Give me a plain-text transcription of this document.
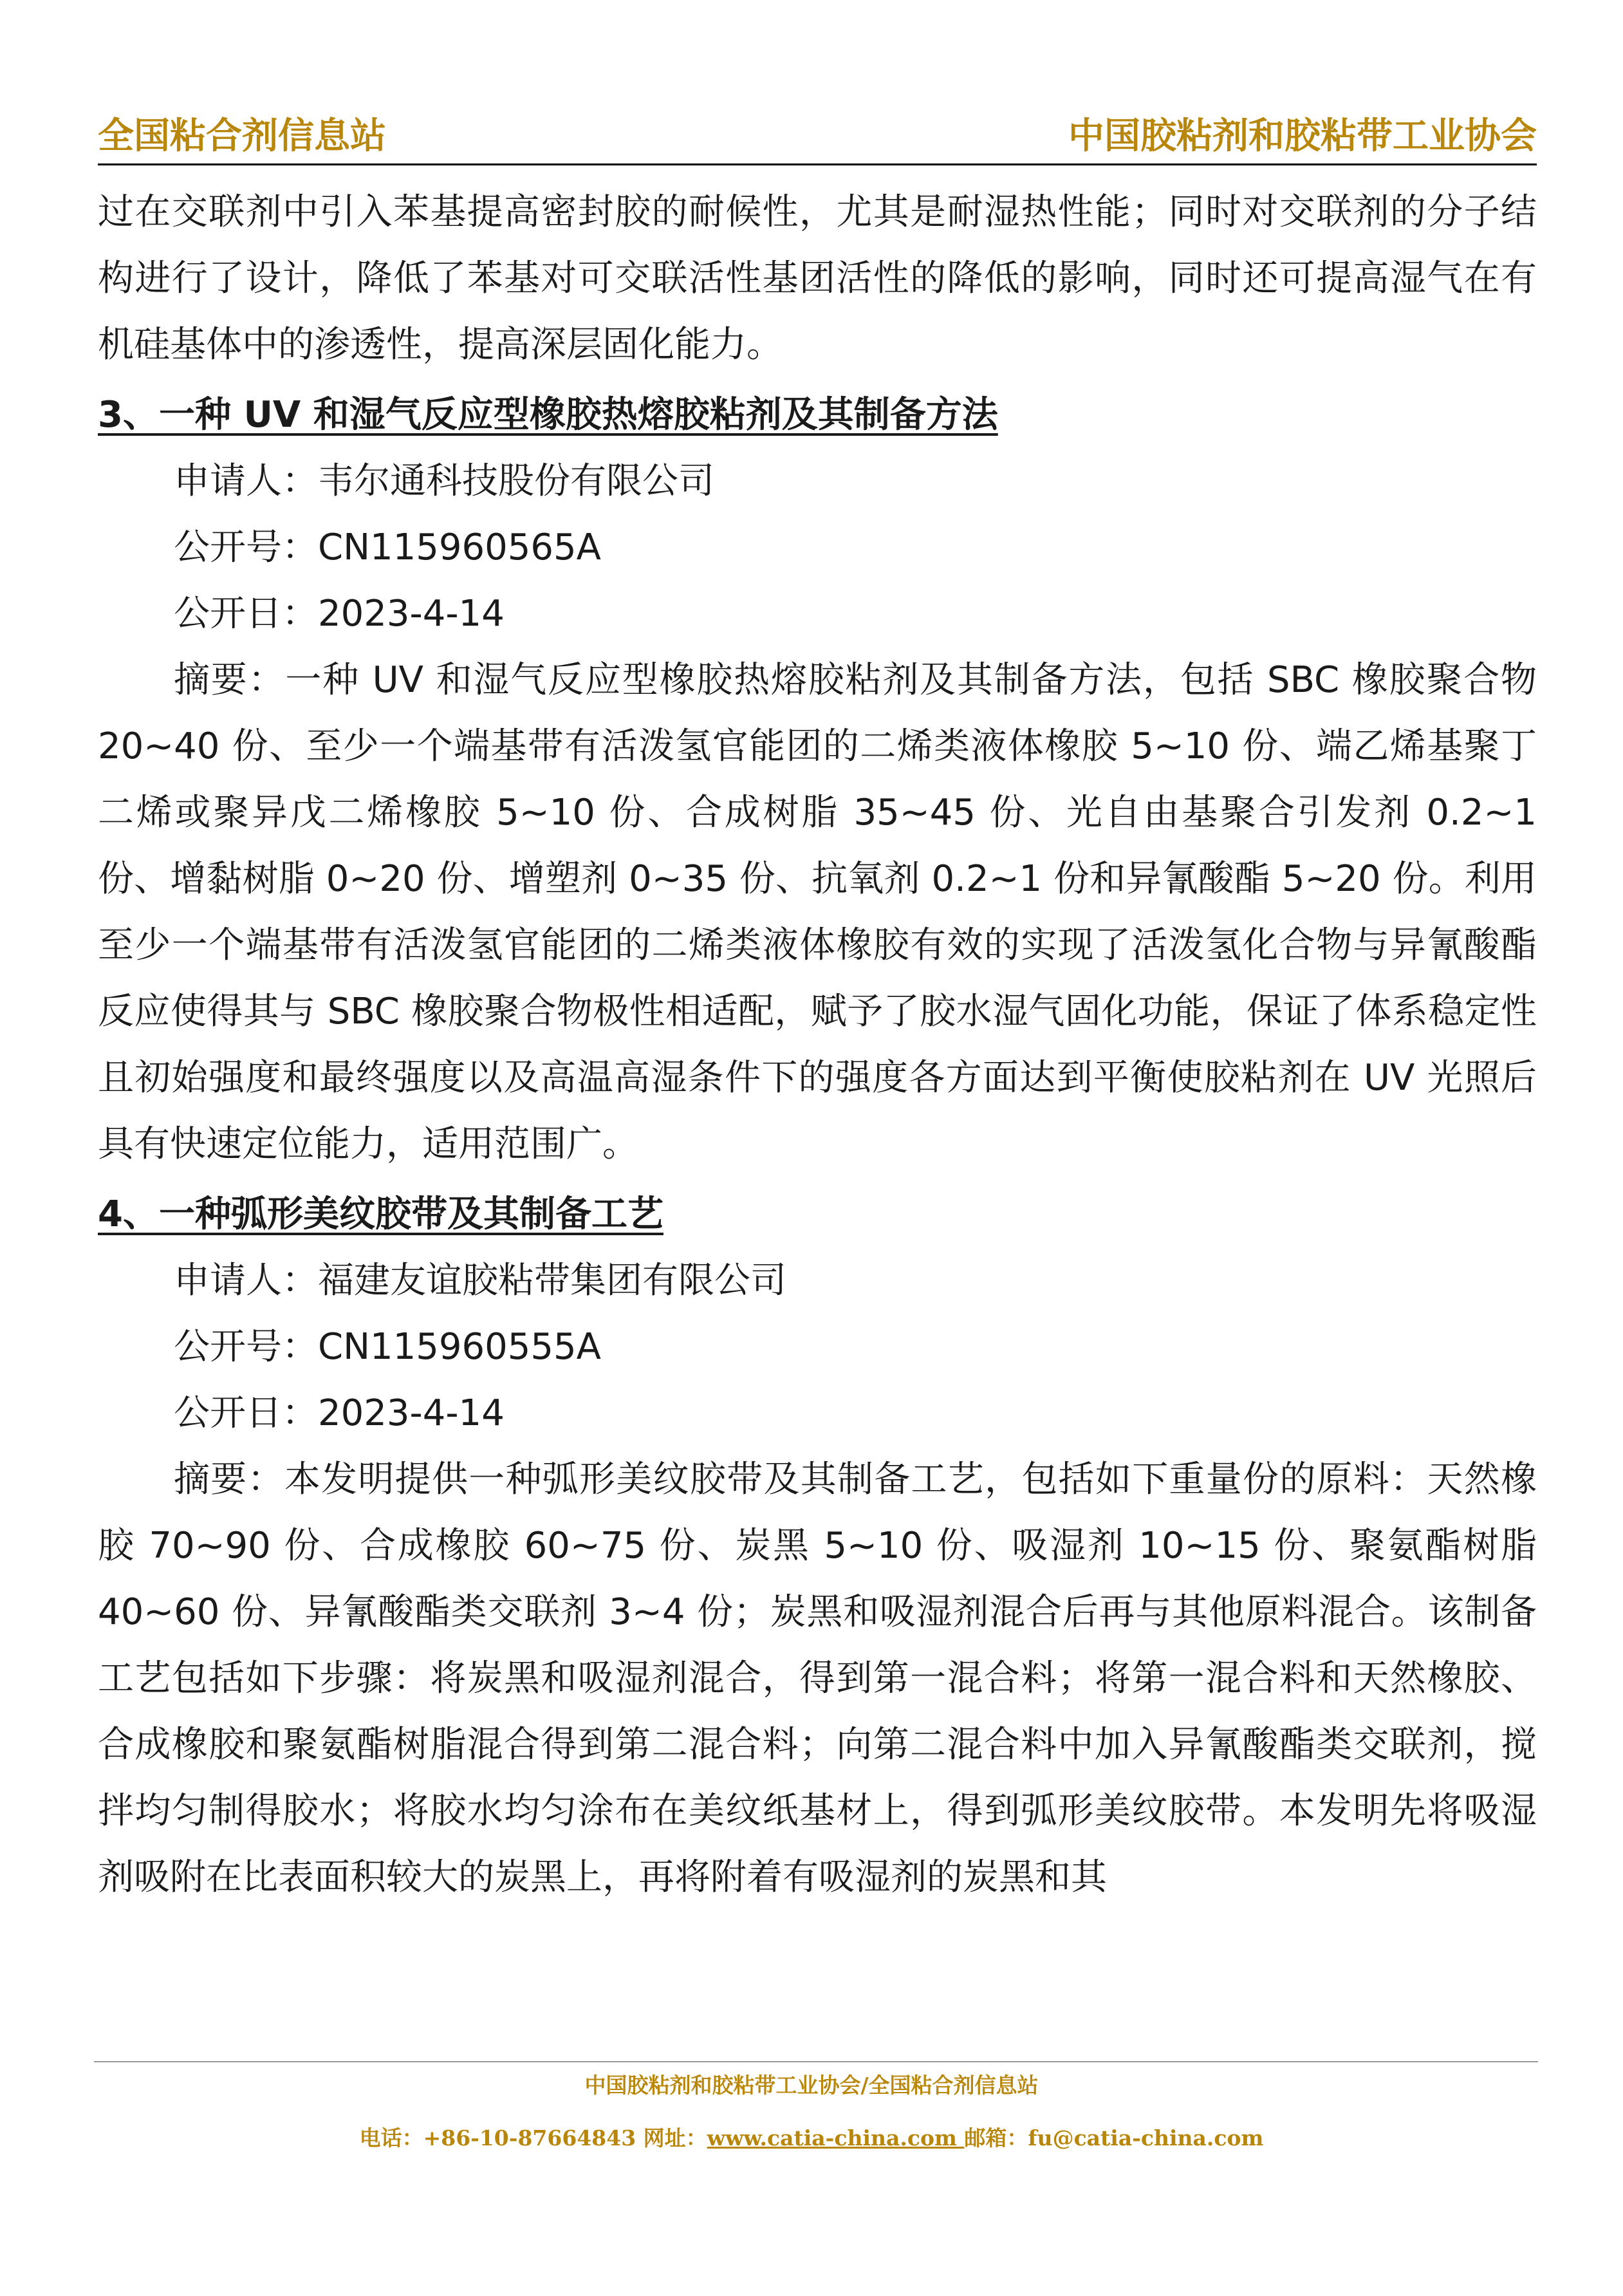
全国粘合剂信息站	中国胶粘剂和胶粘带工业协会

过在交联剂中引入苯基提高密封胶的耐候性，尤其是耐湿热性能；同时对交联剂的分子结构进行了设计，降低了苯基对可交联活性基团活性的降低的影响，同时还可提高湿气在有机硅基体中的渗透性，提高深层固化能力。

3、一种 UV 和湿气反应型橡胶热熔胶粘剂及其制备方法

申请人：韦尔通科技股份有限公司

公开号：CN115960565A

公开日：2023-4-14

摘要：一种 UV 和湿气反应型橡胶热熔胶粘剂及其制备方法，包括 SBC 橡胶聚合物 20~40 份、至少一个端基带有活泼氢官能团的二烯类液体橡胶 5~10 份、端乙烯基聚丁二烯或聚异戊二烯橡胶 5~10 份、合成树脂 35~45 份、光自由基聚合引发剂 0.2~1 份、增黏树脂 0~20 份、增塑剂 0~35 份、抗氧剂 0.2~1 份和异氰酸酯 5~20 份。利用至少一个端基带有活泼氢官能团的二烯类液体橡胶有效的实现了活泼氢化合物与异氰酸酯反应使得其与 SBC 橡胶聚合物极性相适配，赋予了胶水湿气固化功能，保证了体系稳定性且初始强度和最终强度以及高温高湿条件下的强度各方面达到平衡使胶粘剂在 UV 光照后具有快速定位能力，适用范围广。

4、一种弧形美纹胶带及其制备工艺

申请人：福建友谊胶粘带集团有限公司

公开号：CN115960555A

公开日：2023-4-14

摘要：本发明提供一种弧形美纹胶带及其制备工艺，包括如下重量份的原料：天然橡胶 70~90 份、合成橡胶 60~75 份、炭黑 5~10 份、吸湿剂 10~15 份、聚氨酯树脂 40~60 份、异氰酸酯类交联剂 3~4 份；炭黑和吸湿剂混合后再与其他原料混合。该制备工艺包括如下步骤：将炭黑和吸湿剂混合，得到第一混合料；将第一混合料和天然橡胶、合成橡胶和聚氨酯树脂混合得到第二混合料；向第二混合料中加入异氰酸酯类交联剂，搅拌均匀制得胶水；将胶水均匀涂布在美纹纸基材上，得到弧形美纹胶带。本发明先将吸湿剂吸附在比表面积较大的炭黑上，再将附着有吸湿剂的炭黑和其

中国胶粘剂和胶粘带工业协会/全国粘合剂信息站
电话：+86-10-87664843 网址：www.catia-china.com 邮箱：fu@catia-china.com
